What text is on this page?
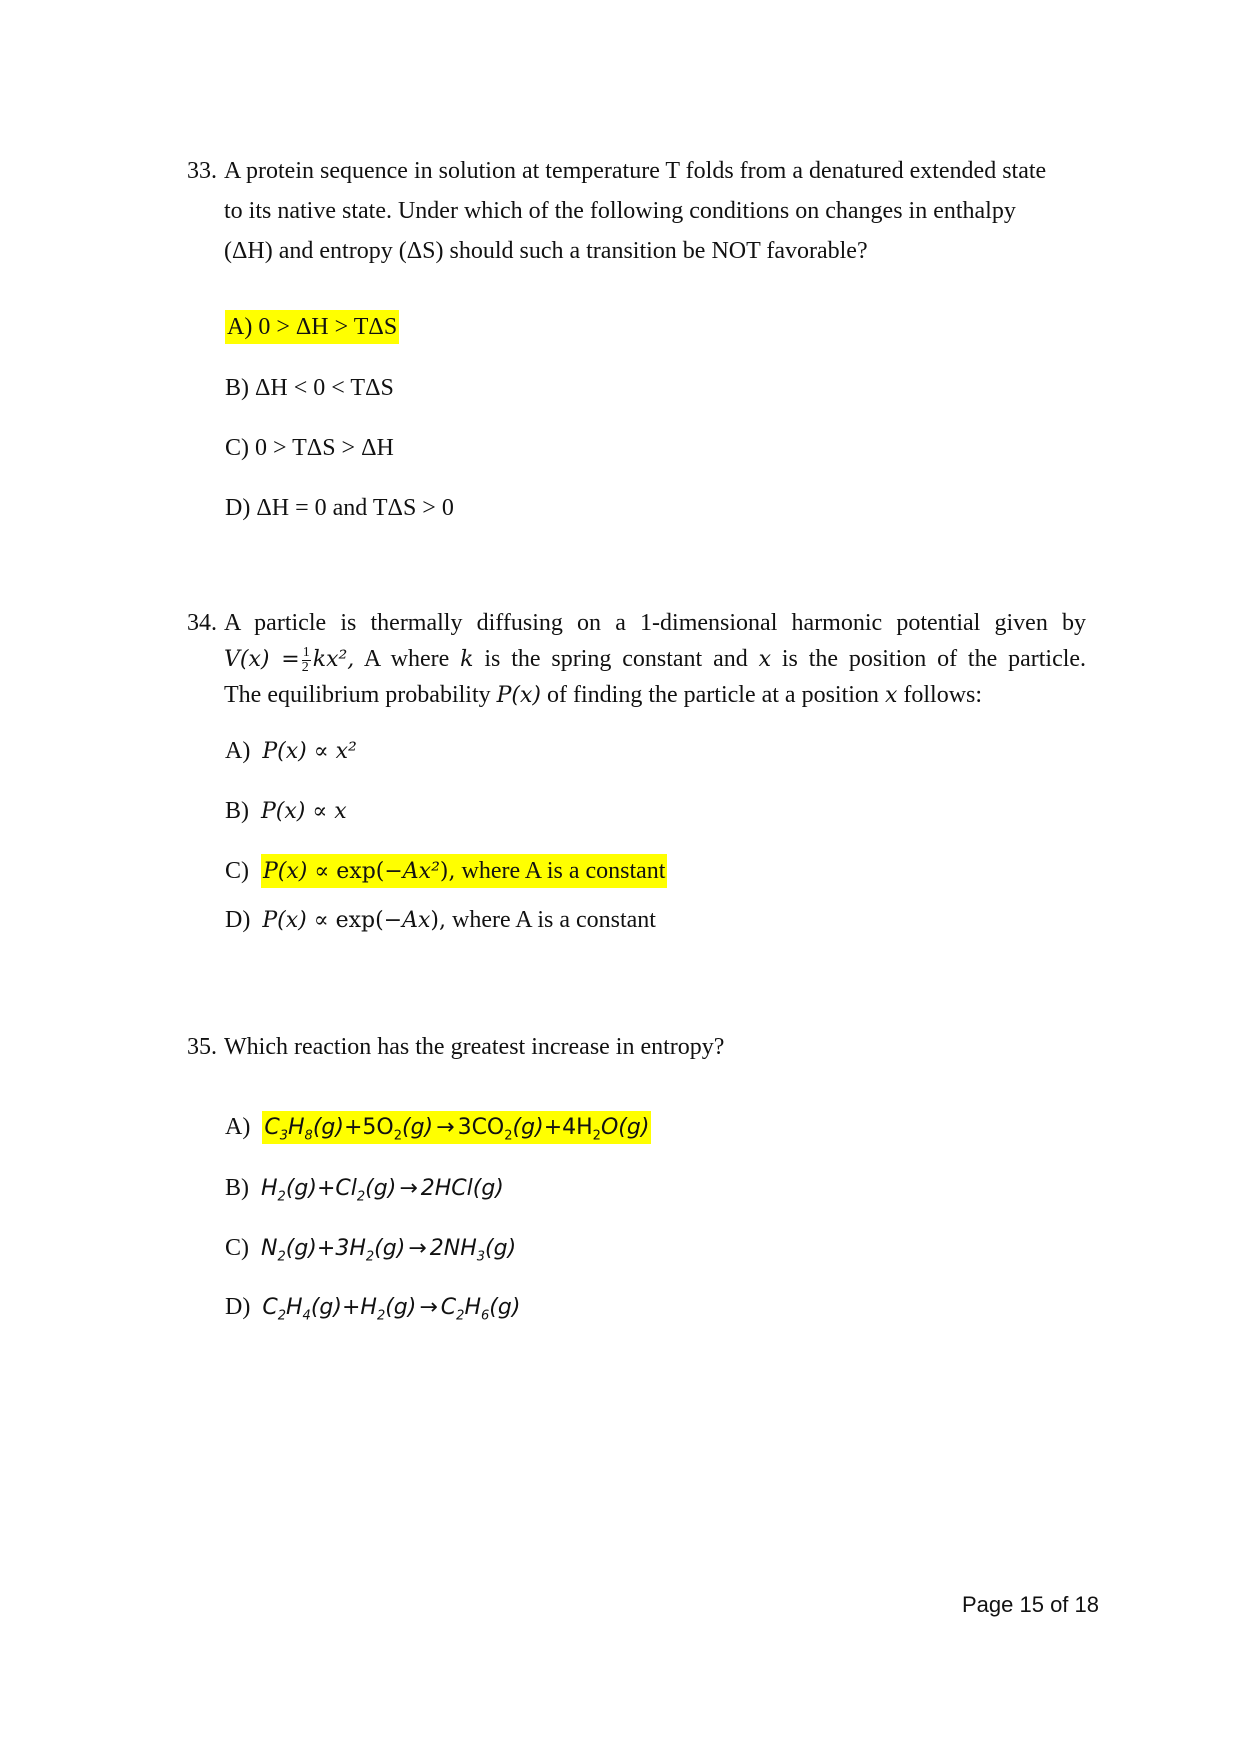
33. A protein sequence in solution at temperature T folds from a denatured extended state
to its native state. Under which of the following conditions on changes in enthalpy
(ΔH) and entropy (ΔS) should such a transition be NOT favorable?
A) 0 > ΔH > TΔS
B) ΔH < 0 < TΔS
C) 0 > TΔS > ΔH
D) ΔH = 0 and TΔS > 0
34. A particle is thermally diffusing on a 1-dimensional harmonic potential given by
$V(x) = \frac{1}{2} kx^2$, A where k is the spring constant and x is the position of the particle.
The equilibrium probability P(x) of finding the particle at a position x follows:
A) P(x) ∝ x²
B) P(x) ∝ x
C) P(x) ∝ exp(−Ax²), where A is a constant
D) P(x) ∝ exp(−Ax), where A is a constant
35. Which reaction has the greatest increase in entropy?
A) $C_3H_8(g)+5O_2(g) \to 3CO_2(g)+4H_2O(g)$
B) $H_2(g)+Cl_2(g) \to 2HCl(g)$
C) $N_2(g)+3H_2(g) \to 2NH_3(g)$
D) $C_2H_4(g)+H_2(g) \to C_2H_6(g)$
Page 15 of 18
